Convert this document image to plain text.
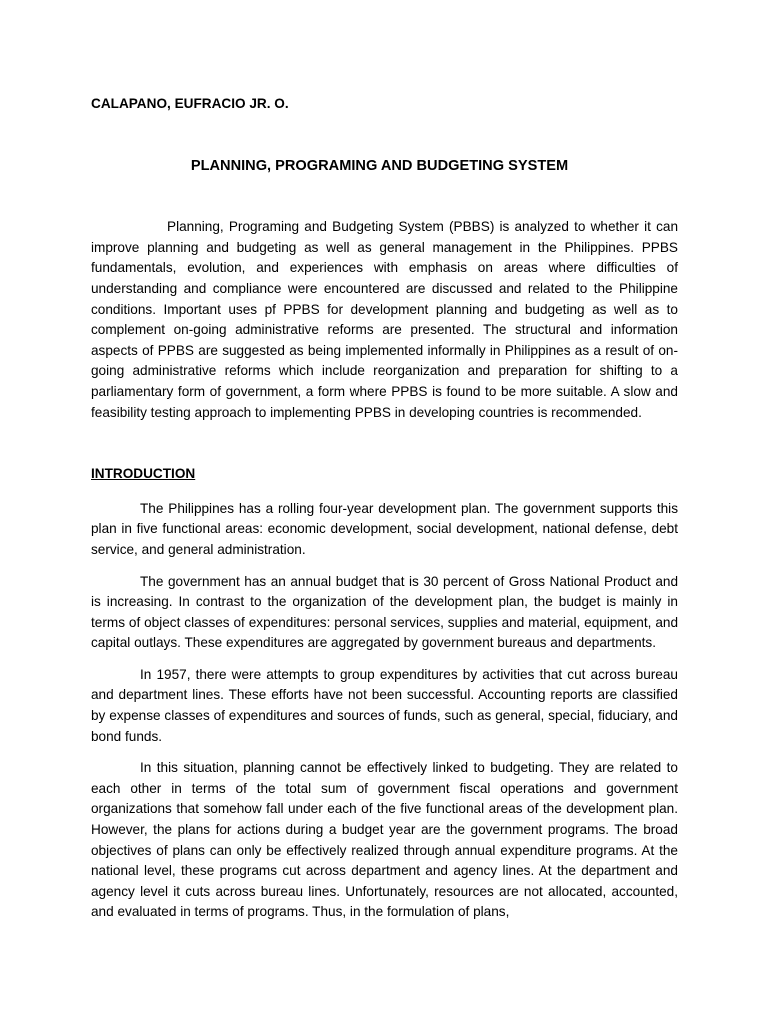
CALAPANO, EUFRACIO JR. O.

PLANNING, PROGRAMING AND BUDGETING SYSTEM

Planning, Programing and Budgeting System (PBBS) is analyzed to whether it can improve planning and budgeting as well as general management in the Philippines. PPBS fundamentals, evolution, and experiences with emphasis on areas where difficulties of understanding and compliance were encountered are discussed and related to the Philippine conditions. Important uses pf PPBS for development planning and budgeting as well as to complement on-going administrative reforms are presented. The structural and information aspects of PPBS are suggested as being implemented informally in Philippines as a result of on-going administrative reforms which include reorganization and preparation for shifting to a parliamentary form of government, a form where PPBS is found to be more suitable. A slow and feasibility testing approach to implementing PPBS in developing countries is recommended.

INTRODUCTION

The Philippines has a rolling four-year development plan. The government supports this plan in five functional areas: economic development, social development, national defense, debt service, and general administration.

The government has an annual budget that is 30 percent of Gross National Product and is increasing. In contrast to the organization of the development plan, the budget is mainly in terms of object classes of expenditures: personal services, supplies and material, equipment, and capital outlays. These expenditures are aggregated by government bureaus and departments.

In 1957, there were attempts to group expenditures by activities that cut across bureau and department lines. These efforts have not been successful. Accounting reports are classified by expense classes of expenditures and sources of funds, such as general, special, fiduciary, and bond funds.

In this situation, planning cannot be effectively linked to budgeting. They are related to each other in terms of the total sum of government fiscal operations and government organizations that somehow fall under each of the five functional areas of the development plan. However, the plans for actions during a budget year are the government programs. The broad objectives of plans can only be effectively realized through annual expenditure programs. At the national level, these programs cut across department and agency lines. At the department and agency level it cuts across bureau lines. Unfortunately, resources are not allocated, accounted, and evaluated in terms of programs. Thus, in the formulation of plans,
